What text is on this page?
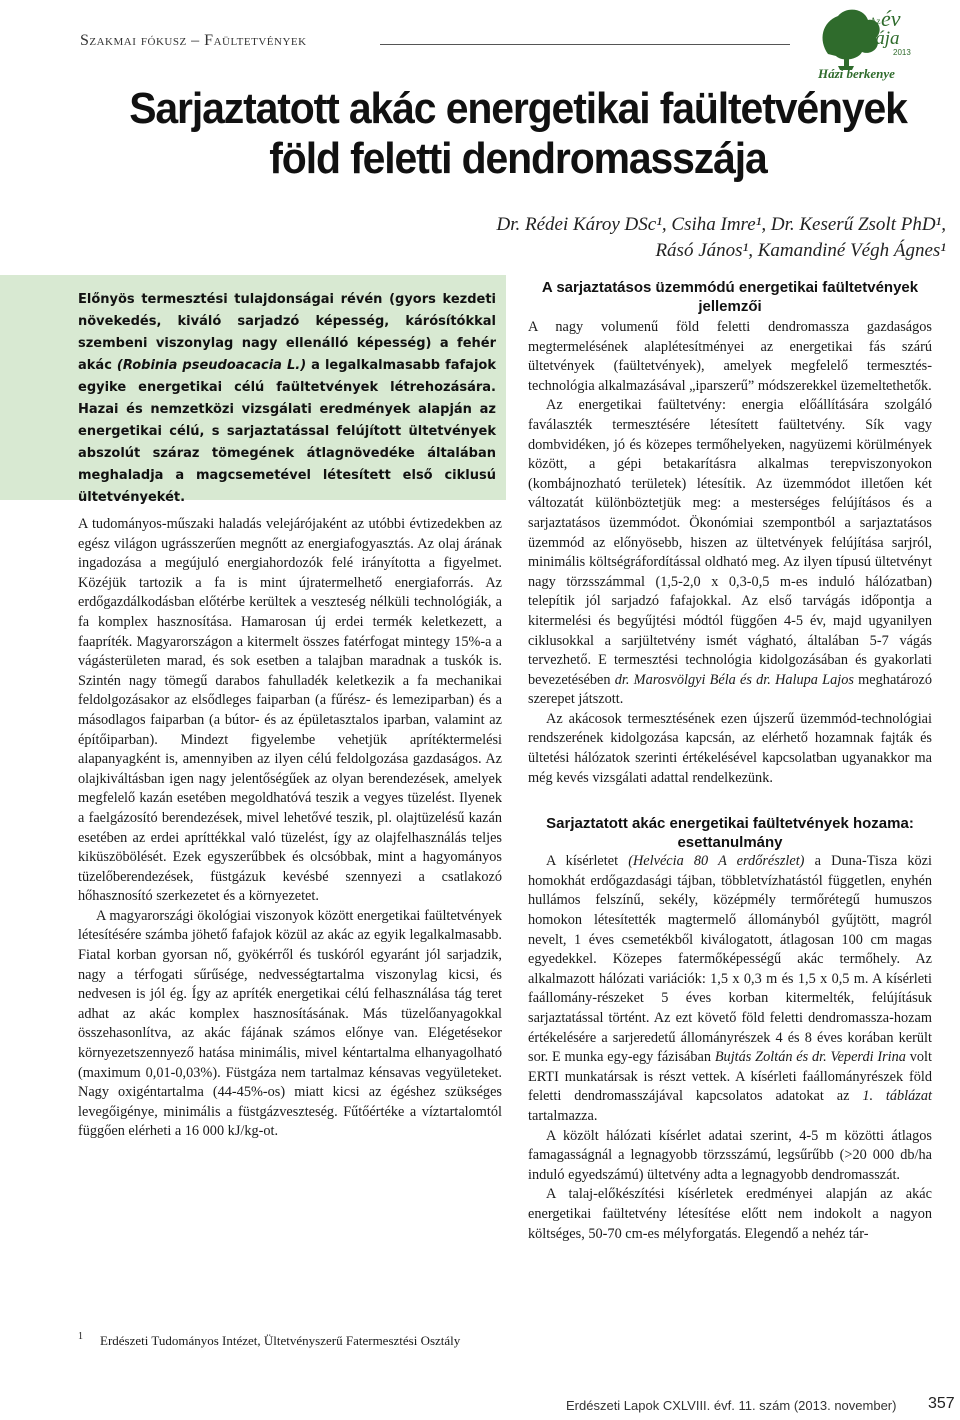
Szakmai fókusz – Faültetvények
Az év
fája
2013
Házi berkenye
Sarjaztatott akác energetikai faültetvények föld feletti dendromasszája
Dr. Rédei Károy DSc¹, Csiha Imre¹, Dr. Keserű Zsolt PhD¹,
Rásó János¹, Kamandiné Végh Ágnes¹

Előnyös termesztési tulajdonságai révén (gyors kezdeti növekedés, kiváló sarjadzó képesség, kárósítókkal szembeni viszonylag nagy ellenálló képesség) a fehér akác (Robinia pseudoacacia L.) a legalkalmasabb fafajok egyike energetikai célú faültetvények létrehozására. Hazai és nemzetközi vizsgálati eredmények alapján az energetikai célú, s sarjaztatással felújított ültetvények abszolút száraz tömegének átlagnövedéke általában meghaladja a magcsemetével létesített első ciklusú ültetvényekét.

A tudományos-műszaki haladás velejárójaként az utóbbi évtizedekben az egész világon ugrásszerűen megnőtt az energiafogyasztás. Az olaj árának ingadozása a megújuló energiahordozók felé irányította a figyelmet. Közéjük tartozik a fa is mint újratermelhető energiaforrás. Az erdőgazdálkodásban előtérbe kerültek a veszteség nélküli technológiák, a fa komplex hasznosítása. Hamarosan új erdei termék keletkezett, a faapríték. Magyarországon a kitermelt összes fatérfogat mintegy 15%-a a vágásterületen marad, és sok esetben a talajban maradnak a tuskók is. Szintén nagy tömegű darabos fahulladék keletkezik a fa mechanikai feldolgozásakor az elsődleges faiparban (a fűrész- és lemeziparban) és a másodlagos faiparban (a bútor- és az épületasztalos iparban, valamint az építőiparban). Mindezt figyelembe vehetjük aprítéktermelési alapanyagként is, amennyiben az ilyen célú feldolgozása gazdaságos. Az olajkiváltásban igen nagy jelentőségűek az olyan berendezések, amelyek megfelelő kazán esetében megoldhatóvá teszik a vegyes tüzelést. Ilyenek a faelgázosító berendezések, mivel lehetővé teszik, pl. olajtüzelésű kazán esetében az erdei apríttékkal való tüzelést, így az olajfelhasználás teljes kiküszöbölését. Ezek egyszerűbbek és olcsóbbak, mint a hagyományos tüzelőberendezések, füstgázuk kevésbé szennyezi a csatlakozó hőhasznosító szerkezetet és a környezetet.

A magyarországi ökológiai viszonyok között energetikai faültetvények létesítésére számba jöhető fafajok közül az akác az egyik legalkalmasabb. Fiatal korban gyorsan nő, gyökérről és tuskóról egyaránt jól sarjadzik, nagy a térfogati sűrűsége, nedvességtartalma viszonylag kicsi, és nedvesen is jól ég. Így az apríték energetikai célú felhasználása tág teret adhat az akác komplex hasznosításának. Más tüzelőanyagokkal összehasonlítva, az akác fájának számos előnye van. Elégetésekor környezetszennyező hatása minimális, mivel kéntartalma elhanyagolható (maximum 0,01-0,03%). Füstgáza nem tartalmaz kénsavas vegyületeket. Nagy oxigéntartalma (44-45%-os) miatt kicsi az égéshez szükséges levegőigénye, minimális a füstgázveszteség. Fűtőértéke a víztartalomtól függően elérheti a 16 000 kJ/kg-ot.

1	Erdészeti Tudományos Intézet, Ültetvényszerű Fatermesztési Osztály
A sarjaztatásos üzemmódú energetikai faültetvények jellemzői

A nagy volumenű föld feletti dendromassza gazdaságos megtermelésének alaplétesítményei az energetikai fás szárú ültetvények (faültetvények), amelyek megfelelő termesztés-technológia alkalmazásával „iparszerű” módszerekkel üzemeltethetők.

Az energetikai faültetvény: energia előállítására szolgáló faválaszték termesztésére létesített faültetvény. Sík vagy dombvidéken, jó és közepes termőhelyeken, nagyüzemi körülmények között, a gépi betakarításra alkalmas terepviszonyokon (kombájnozható területek) létesítik. Az üzemmódot illetően két változatát különböztetjük meg: a mesterséges felújításos és a sarjaztatásos üzemmódot. Ökonómiai szempontból a sarjaztatásos üzemmód az előnyösebb, hiszen az ültetvények felújítása sarjról, minimális költségráfordítással oldható meg. Az ilyen típusú ültetvényt nagy törzsszámmal (1,5-2,0 x 0,3-0,5 m-es induló hálózatban) telepítik jól sarjadzó fafajokkal. Az első tarvágás időpontja a kitermelési és begyűjtési módtól függően 4-5 év, majd ugyanilyen ciklusokkal a sarjültetvény ismét vágható, általában 5-7 vágás tervezhető. E termesztési technológia kidolgozásában és gyakorlati bevezetésében dr. Marosvölgyi Béla és dr. Halupa Lajos meghatározó szerepet játszott.

Az akácosok termesztésének ezen újszerű üzemmód-technológiai rendszerének kidolgozása kapcsán, az elérhető hozamnak fajták és ültetési hálózatok szerinti értékelésével kapcsolatban ugyanakkor ma még kevés vizsgálati adattal rendelkezünk.

Sarjaztatott akác energetikai faültetvények hozama: esettanulmány

A kísérletet (Helvécia 80 A erdőrészlet) a Duna-Tisza közi homokhát erdőgazdasági tájban, többletvízhatástól független, enyhén hullámos felszínű, sekély, középmély termőrétegű humuszos homokon létesítették magtermelő állományból gyűjtött, magról nevelt, 1 éves csemetékből kiválogatott, átlagosan 100 cm magas egyedekkel. Közepes fatermőképességű akác termőhely. Az alkalmazott hálózati variációk: 1,5 x 0,3 m és 1,5 x 0,5 m. A kísérleti faállomány-részeket 5 éves korban kitermelték, felújításuk sarjaztatással történt. Az ezt követő föld feletti dendromassza-hozam értékelésére a sarjeredetű állományrészek 4 és 8 éves korában került sor. E munka egy-egy fázisában Bujtás Zoltán és dr. Veperdi Irina volt ERTI munkatársak is részt vettek. A kísérleti faállományrészek föld feletti dendromasszájával kapcsolatos adatokat az 1. táblázat tartalmazza.

A közölt hálózati kísérlet adatai szerint, 4-5 m közötti átlagos famagasságnál a legnagyobb törzsszámú, legsűrűbb (>20 000 db/ha induló egyedszámú) ültetvény adta a legnagyobb dendromasszát.

A talaj-előkészítési kísérletek eredményei alapján az akác energetikai faültetvény létesítése előtt nem indokolt a nagyon költséges, 50-70 cm-es mélyforgatás. Elegendő a nehéz tár-

Erdészeti Lapok CXLVIII. évf. 11. szám (2013. november) 357
